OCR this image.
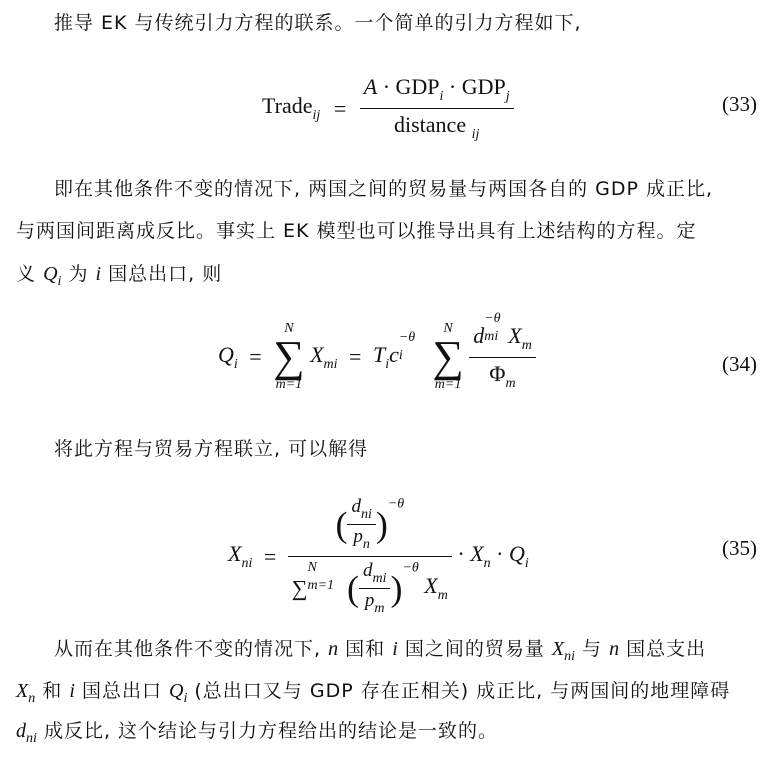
推导 EK 与传统引力方程的联系。一个简单的引力方程如下,

Trade$_{ij}$ = $\frac{A \cdot GDP_i \cdot GDP_j}{distance _{ij}}$	(33)

即在其他条件不变的情况下, 两国之间的贸易量与两国各自的 GDP 成正比,

与两国间距离成反比。事实上 EK 模型也可以推导出具有上述结构的方程。定

义 $Q_i$ 为 i 国总出口, 则

$Q_i$ =
N
∑
m=1
$X_{mi} = T_ic$
−θ
i

N
∑
m=1
d
−θ
mi $X_m$
$\Phi_m$	(34)

将此方程与贸易方程联立, 可以解得

$X_{ni}$ = ( $\frac{d_{ni}}{p_n} )^{-\theta}$
∑
N
m=1 ( $\frac{d_{mi}}{p_m} )^{-\theta}$ $X_m \cdot X_n \cdot Q_i$
(35)

从而在其他条件不变的情况下, n 国和 i 国之间的贸易量 $X_{ni}$ 与 n 国总支出

$X_n$ 和 i 国总出口 $Q_i$ (总出口又与 GDP 存在正相关) 成正比, 与两国间的地理障碍

$d_{ni}$ 成反比, 这个结论与引力方程给出的结论是一致的。
